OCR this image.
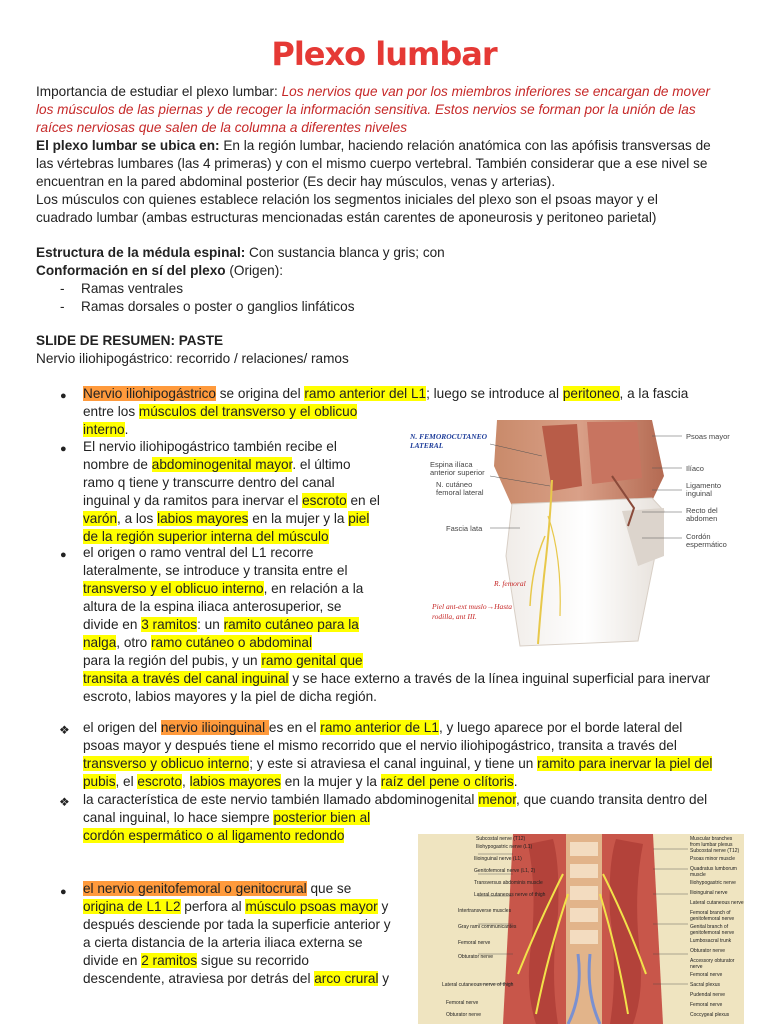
Plexo lumbar
Importancia de estudiar el plexo lumbar: Los nervios que van por los miembros inferiores se encargan de mover
los músculos de las piernas y de recoger la información sensitiva. Estos nervios se forman por la unión de las
raíces nerviosas que salen de la columna a diferentes niveles
El plexo lumbar se ubica en: En la región lumbar, haciendo relación anatómica con las apófisis transversas de
las vértebras lumbares (las 4 primeras) y con el mismo cuerpo vertebral. También considerar que a ese nivel se
encuentran en la pared abdominal posterior (Es decir hay músculos, venas y arterias).
Los músculos con quienes establece relación los segmentos iniciales del plexo son el psoas mayor y el
cuadrado lumbar (ambas estructuras mencionadas están carentes de aponeurosis y peritoneo parietal)
Estructura de la médula espinal: Con sustancia blanca y gris; con
Conformación en sí del plexo (Origen):
- Ramas ventrales
- Ramas dorsales o poster o ganglios linfáticos
SLIDE DE RESUMEN: PASTE
Nervio iliohipogástrico: recorrido / relaciones/ ramos
N. FEMOROCUTANEO
LATERAL
Espina ilíaca
anterior superior
N. cutáneo
femoral lateral
Fascia lata
Psoas mayor
Ilíaco
Ligamento
inguinal
Recto del
abdomen
Cordón
espermático
R. femoral
Piel ant-ext muslo→Hasta
rodilla, ant III.
● Nervio iliohipogástrico se origina del ramo anterior del L1; luego se introduce al peritoneo, a la fascia
entre los músculos del transverso y el oblicuo
interno.
● El nervio iliohipogástrico también recibe el
nombre de abdominogenital mayor. el último
ramo q tiene y transcurre dentro del canal
inguinal y da ramitos para inervar el escroto en el
varón, a los labios mayores en la mujer y la piel
de la región superior interna del músculo
● el origen o ramo ventral del L1 recorre
lateralmente, se introduce y transita entre el
transverso y el oblicuo interno, en relación a la
altura de la espina iliaca anterosuperior, se
divide en 3 ramitos: un ramito cutáneo para la
nalga, otro ramo cutáneo o abdominal
para la región del pubis, y un ramo genital que
transita a través del canal inguinal y se hace externo a través de la línea inguinal superficial para inervar
escroto, labios mayores y la piel de dicha región.
❖ el origen del nervio ilioinguinal es en el ramo anterior de L1, y luego aparece por el borde lateral del
psoas mayor y después tiene el mismo recorrido que el nervio iliohipogástrico, transita a través del
transverso y oblicuo interno; y este si atraviesa el canal inguinal, y tiene un ramito para inervar la piel del
pubis, el escroto, labios mayores en la mujer y la raíz del pene o clítoris.
❖ la característica de este nervio también llamado abdominogenital menor, que cuando transita dentro del
canal inguinal, lo hace siempre posterior bien al
cordón espermático o al ligamento redondo	Subcostal nerve (T12)
Iliohypogastric nerve (L1)
Ilioinguinal nerve (L1)
Genitofemoral nerve (L1, 2)
Transversus abdominis muscle
Lateral cutaneous nerve of thigh
Intertransverse muscles
Gray rami communicantes
Femoral nerve
Obturator nerve
Lateral cutaneous nerve of thigh
Femoral nerve
Obturator nerve
Muscular branches from lumbar plexus
Subcostal nerve (T12)
Psoas minor muscle
Quadratus lumborum muscle
Iliohypogastric nerve
Ilioinguinal nerve
Lateral cutaneous nerve
Femoral branch of genitofemoral nerve
Genital branch of genitofemoral nerve
Lumbosacral trunk
Obturator nerve
Accessory obturator nerve
Femoral nerve
Sacral plexus
Pudendal nerve
Femoral nerve
Coccygeal plexus
● el nervio genitofemoral o genitocrural que se
origina de L1 L2 perfora al músculo psoas mayor y
después desciende por tada la superficie anterior y
a cierta distancia de la arteria iliaca externa se
divide en 2 ramitos sigue su recorrido
descendente, atraviesa por detrás del arco crural y
